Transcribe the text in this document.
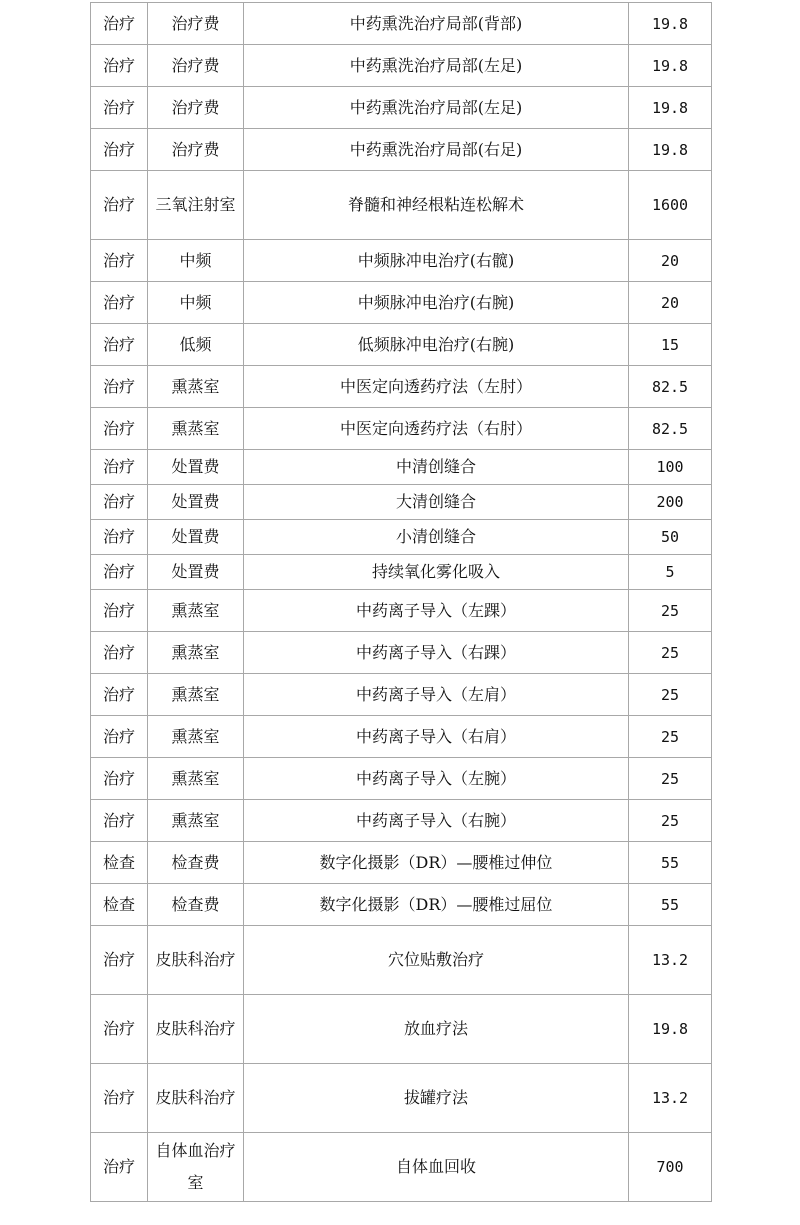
治疗	治疗费	中药熏洗治疗局部(背部)	19.8
治疗	治疗费	中药熏洗治疗局部(左足)	19.8
治疗	治疗费	中药熏洗治疗局部(左足)	19.8
治疗	治疗费	中药熏洗治疗局部(右足)	19.8
治疗	三氧注射室	脊髓和神经根粘连松解术	1600
治疗	中频	中频脉冲电治疗(右髋)	20
治疗	中频	中频脉冲电治疗(右腕)	20
治疗	低频	低频脉冲电治疗(右腕)	15
治疗	熏蒸室	中医定向透药疗法（左肘）	82.5
治疗	熏蒸室	中医定向透药疗法（右肘）	82.5
治疗	处置费	中清创缝合	100
治疗	处置费	大清创缝合	200
治疗	处置费	小清创缝合	50
治疗	处置费	持续氧化雾化吸入	5
治疗	熏蒸室	中药离子导入（左踝）	25
治疗	熏蒸室	中药离子导入（右踝）	25
治疗	熏蒸室	中药离子导入（左肩）	25
治疗	熏蒸室	中药离子导入（右肩）	25
治疗	熏蒸室	中药离子导入（左腕）	25
治疗	熏蒸室	中药离子导入（右腕）	25
检查	检查费	数字化摄影（DR）—腰椎过伸位	55
检查	检查费	数字化摄影（DR）—腰椎过屈位	55
治疗	皮肤科治疗	穴位贴敷治疗	13.2
治疗	皮肤科治疗	放血疗法	19.8
治疗	皮肤科治疗	拔罐疗法	13.2
治疗	自体血治疗室	自体血回收	700
